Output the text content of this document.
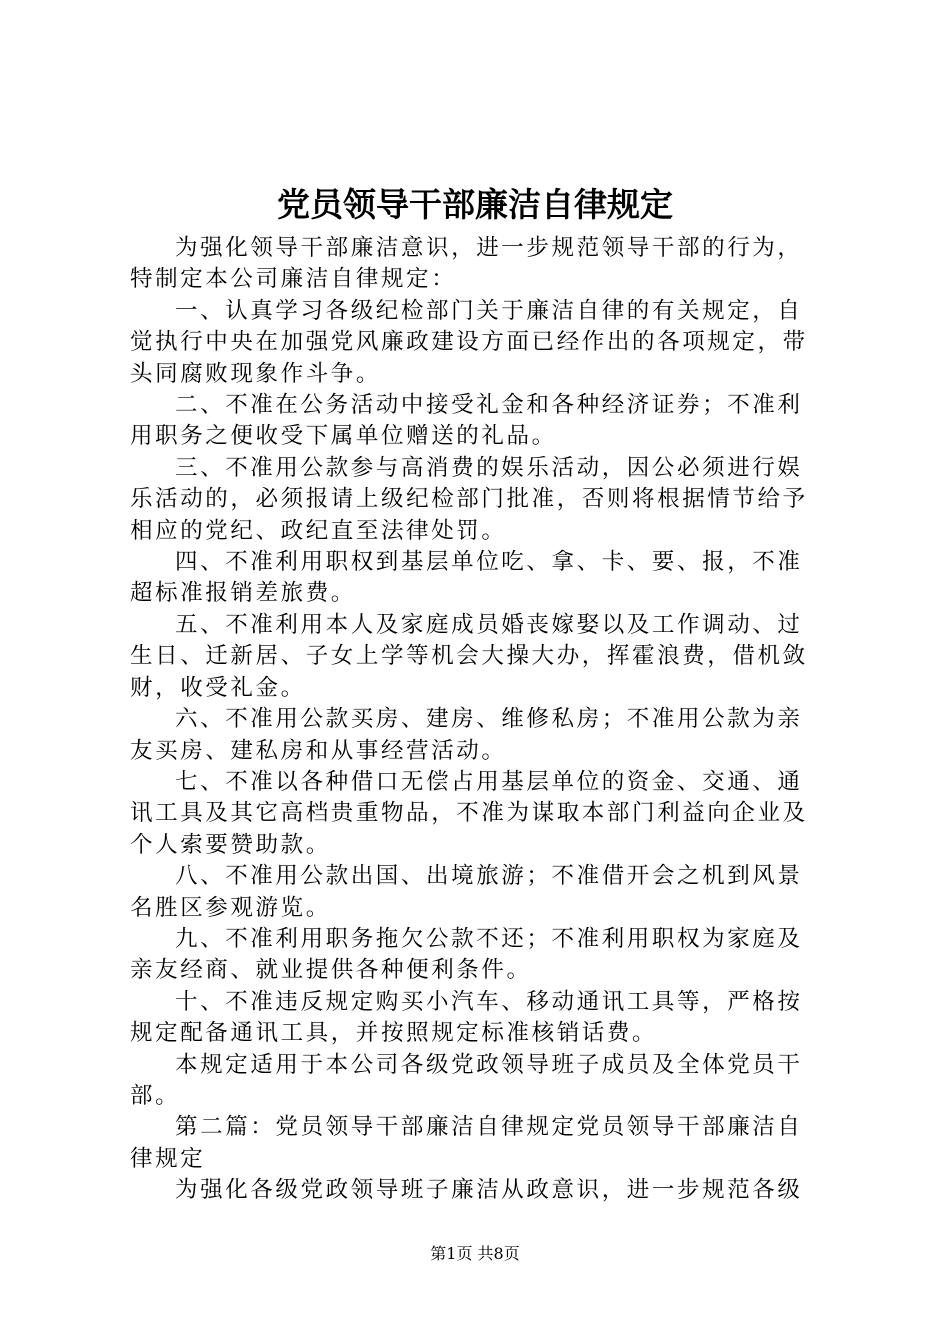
党员领导干部廉洁自律规定

为强化领导干部廉洁意识，进一步规范领导干部的行为，
特制定本公司廉洁自律规定：

一、认真学习各级纪检部门关于廉洁自律的有关规定，自
觉执行中央在加强党风廉政建设方面已经作出的各项规定，带
头同腐败现象作斗争。

二、不准在公务活动中接受礼金和各种经济证券；不准利
用职务之便收受下属单位赠送的礼品。

三、不准用公款参与高消费的娱乐活动，因公必须进行娱
乐活动的，必须报请上级纪检部门批准，否则将根据情节给予
相应的党纪、政纪直至法律处罚。

四、不准利用职权到基层单位吃、拿、卡、要、报，不准
超标准报销差旅费。

五、不准利用本人及家庭成员婚丧嫁娶以及工作调动、过
生日、迁新居、子女上学等机会大操大办，挥霍浪费，借机敛
财，收受礼金。

六、不准用公款买房、建房、维修私房；不准用公款为亲
友买房、建私房和从事经营活动。

七、不准以各种借口无偿占用基层单位的资金、交通、通
讯工具及其它高档贵重物品，不准为谋取本部门利益向企业及
个人索要赞助款。

八、不准用公款出国、出境旅游；不准借开会之机到风景
名胜区参观游览。

九、不准利用职务拖欠公款不还；不准利用职权为家庭及
亲友经商、就业提供各种便利条件。

十、不准违反规定购买小汽车、移动通讯工具等，严格按
规定配备通讯工具，并按照规定标准核销话费。

本规定适用于本公司各级党政领导班子成员及全体党员干
部。

第二篇：党员领导干部廉洁自律规定党员领导干部廉洁自
律规定

为强化各级党政领导班子廉洁从政意识，进一步规范各级

第1页 共8页
